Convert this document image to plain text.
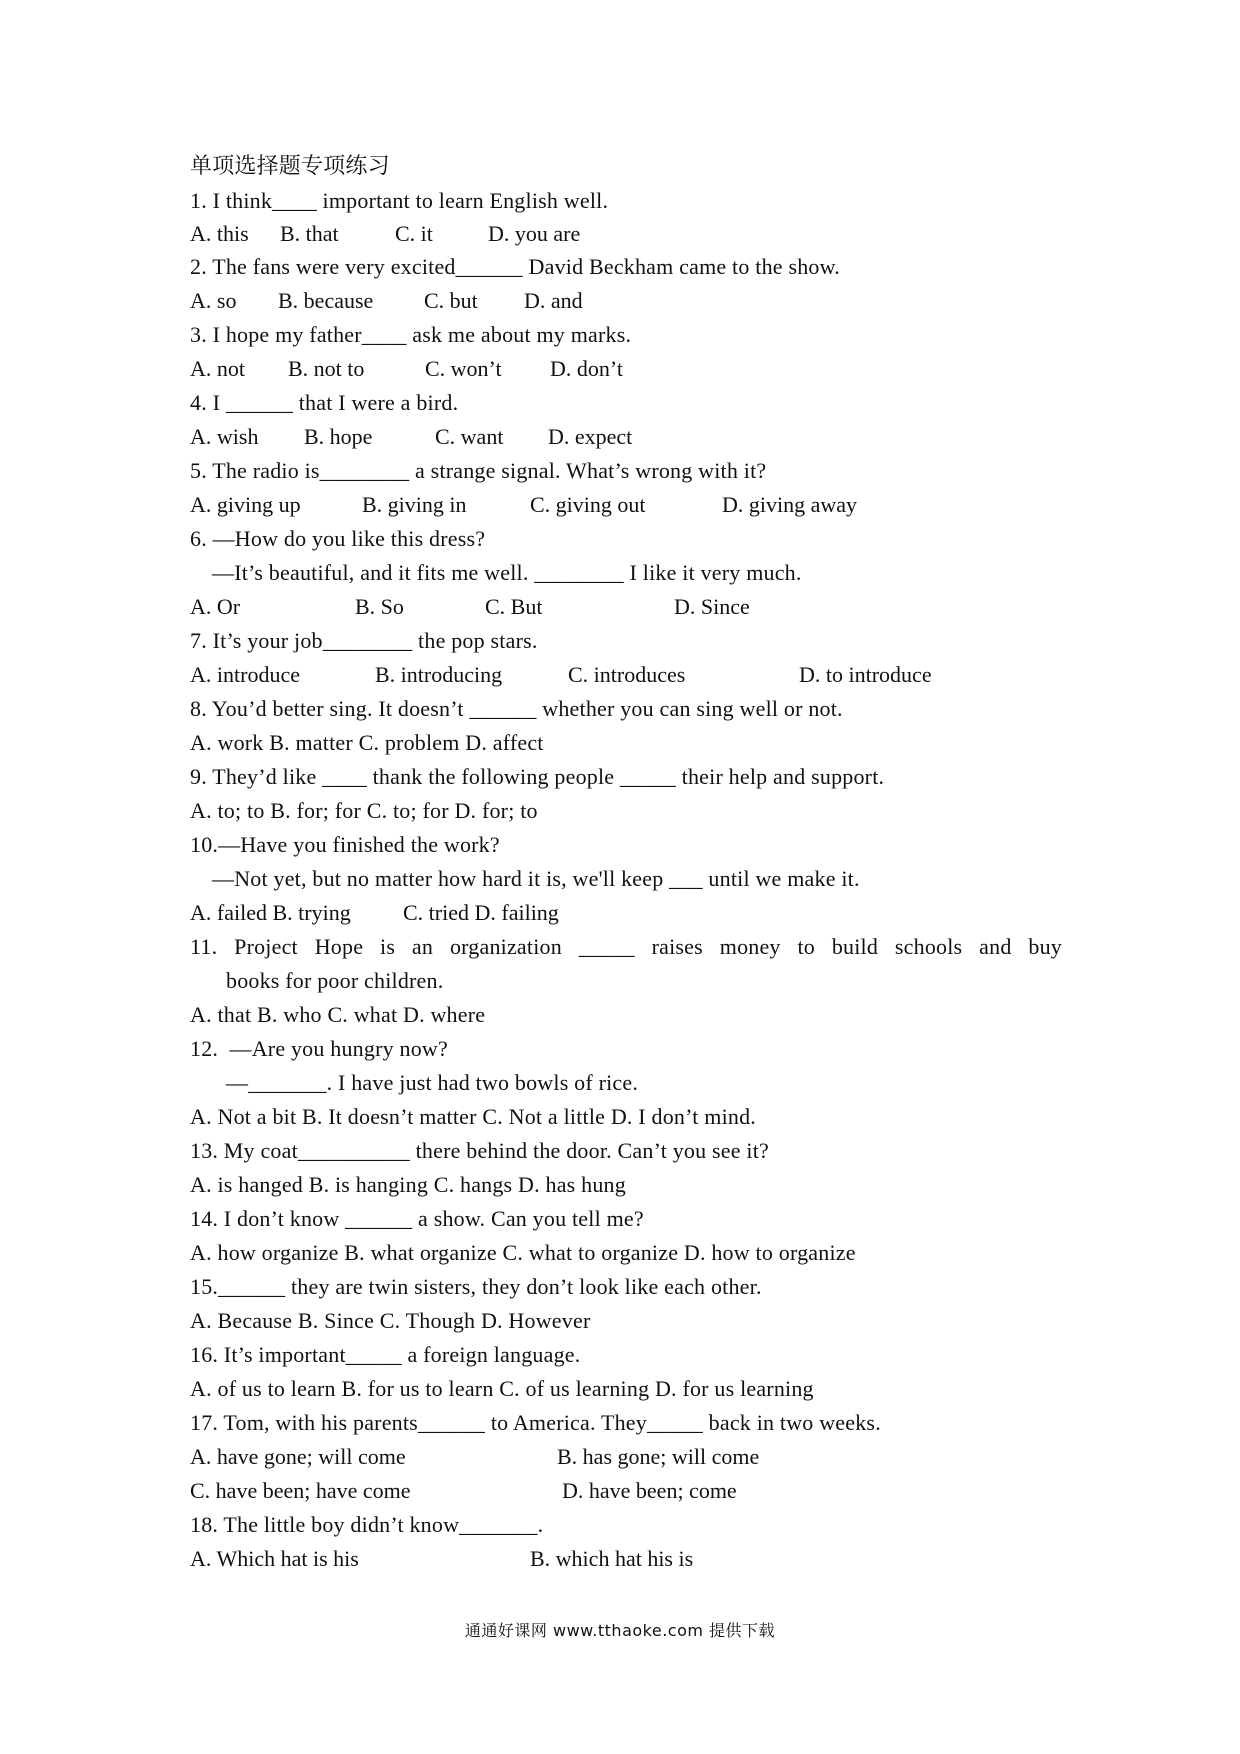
单项选择题专项练习
1. I think____ important to learn English well.
A. this B. that	C. it	D. you are
2. The fans were very excited______ David Beckham came to the show.
A. so B. because C. but D. and
3. I hope my father____ ask me about my marks.
A. not B. not to	C. won’t D. don’t
4. I ______ that I were a bird.
A. wish B. hope	C. want D. expect
5. The radio is________ a strange signal. What’s wrong with it?
A. giving up	B. giving in	C. giving out	D. giving away
6. —How do you like this dress?
—It’s beautiful, and it fits me well. ________ I like it very much.
A. Or	B. So	C. But	D. Since
7. It’s your job________ the pop stars.
A. introduce	B. introducing	C. introduces	D. to introduce
8. You’d better sing. It doesn’t ______ whether you can sing well or not.
A. work B. matter C. problem D. affect
9. They’d like ____ thank the following people _____ their help and support.
A. to; to B. for; for C. to; for D. for; to
10.—Have you finished the work?
—Not yet, but no matter how hard it is, we'll keep ___ until we make it.
A. failed B. trying C. tried D. failing
11. Project Hope is an organization _____ raises money to build schools and buy
books for poor children.
A. that B. who C. what D. where
12.  —Are you hungry now?
—_______. I have just had two bowls of rice.
A. Not a bit B. It doesn’t matter C. Not a little D. I don’t mind.
13. My coat__________ there behind the door. Can’t you see it?
A. is hanged B. is hanging C. hangs D. has hung
14. I don’t know ______ a show. Can you tell me?
A. how organize B. what organize C. what to organize D. how to organize
15.______ they are twin sisters, they don’t look like each other.
A. Because B. Since C. Though D. However
16. It’s important_____ a foreign language.
A. of us to learn B. for us to learn C. of us learning D. for us learning
17. Tom, with his parents______ to America. They_____ back in two weeks.
A. have gone; will come	B. has gone; will come
C. have been; have come	D. have been; come
18. The little boy didn’t know_______.
A. Which hat is his	B. which hat his is
通通好课网 www.tthaoke.com 提供下载
